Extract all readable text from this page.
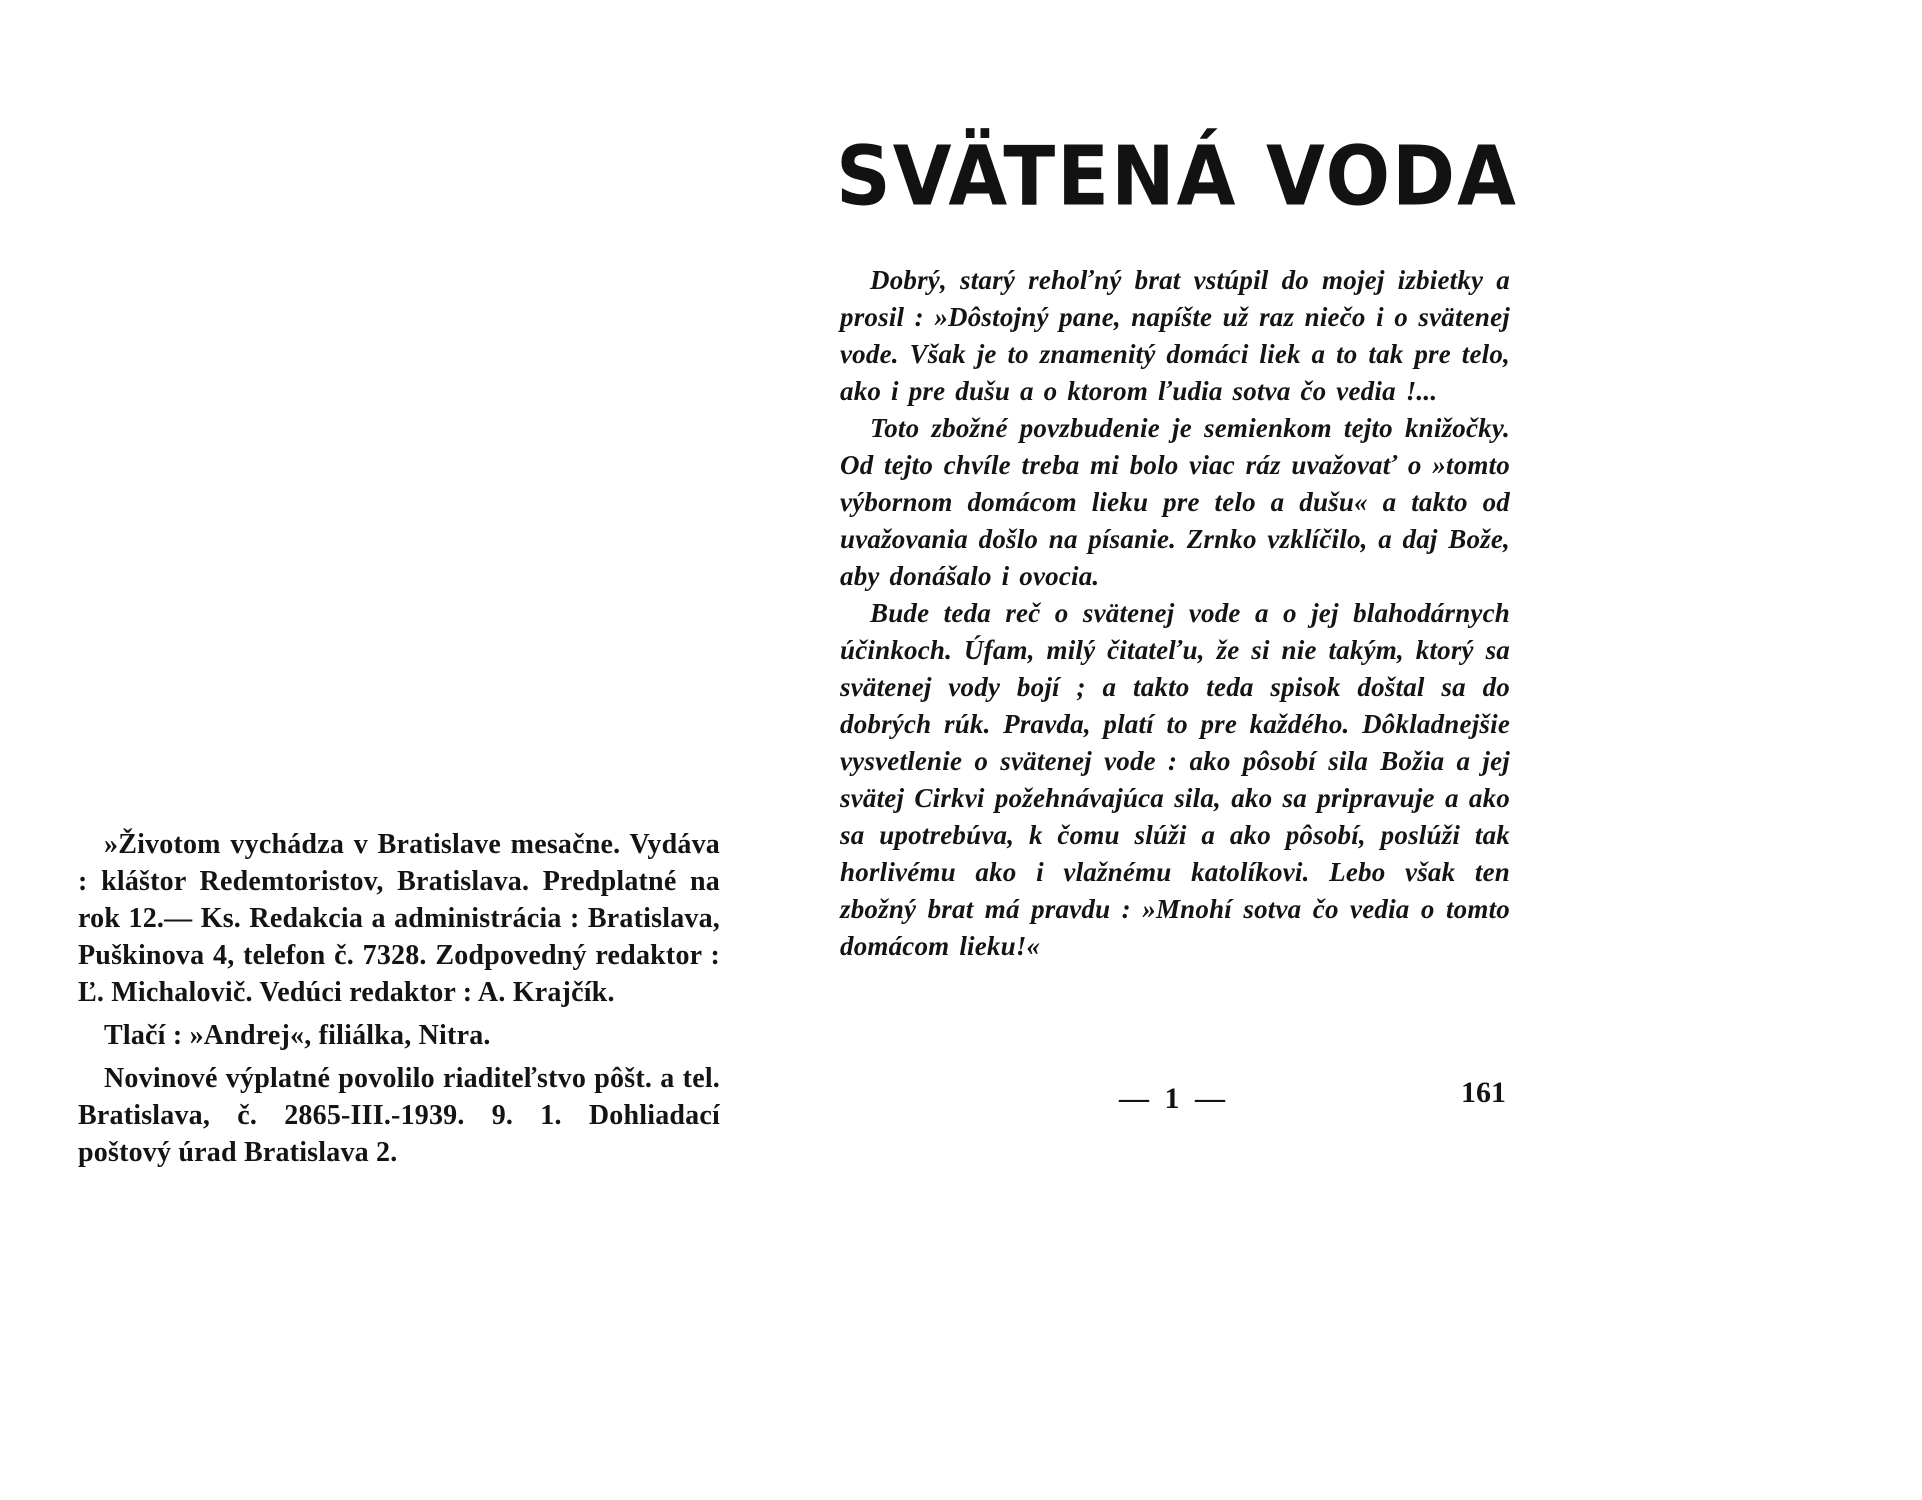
»Životom vychádza v Bratislave mesačne. Vydáva : kláštor Redemtoristov, Bratislava. Predplatné na rok 12.— Ks. Redakcia a administrácia : Bratislava, Puškinova 4, telefon č. 7328. Zodpovedný redaktor : Ľ. Michalovič. Vedúci redaktor : A. Krajčík.

Tlačí : »Andrej«, filiálka, Nitra.

Novinové výplatné povolilo riaditeľstvo pôšt. a tel. Bratislava, č. 2865-III.-1939. 9. 1. Dohliadací poštový úrad Bratislava 2.

SVÄTENÁ VODA

Dobrý, starý rehoľný brat vstúpil do mojej izbietky a prosil : »Dôstojný pane, napíšte už raz niečo i o svätenej vode. Však je to znamenitý domáci liek a to tak pre telo, ako i pre dušu a o ktorom ľudia sotva čo vedia !...

Toto zbožné povzbudenie je semienkom tejto knižočky. Od tejto chvíle treba mi bolo viac ráz uvažovať o »tomto výbornom domácom lieku pre telo a dušu« a takto od uvažovania došlo na písanie. Zrnko vzklíčilo, a daj Bože, aby donášalo i ovocia.

Bude teda reč o svätenej vode a o jej blahodárnych účinkoch. Úfam, milý čitateľu, že si nie takým, ktorý sa svätenej vody bojí ; a takto teda spisok doštal sa do dobrých rúk. Pravda, platí to pre každého. Dôkladnejšie vysvetlenie o svätenej vode : ako pôsobí sila Božia a jej svätej Cirkvi požehnávajúca sila, ako sa pripravuje a ako sa upotrebúva, k čomu slúži a ako pôsobí, poslúži tak horlivému ako i vlažnému katolíkovi. Lebo však ten zbožný brat má pravdu : »Mnohí sotva čo vedia o tomto domácom lieku!«

— 1 —	161
